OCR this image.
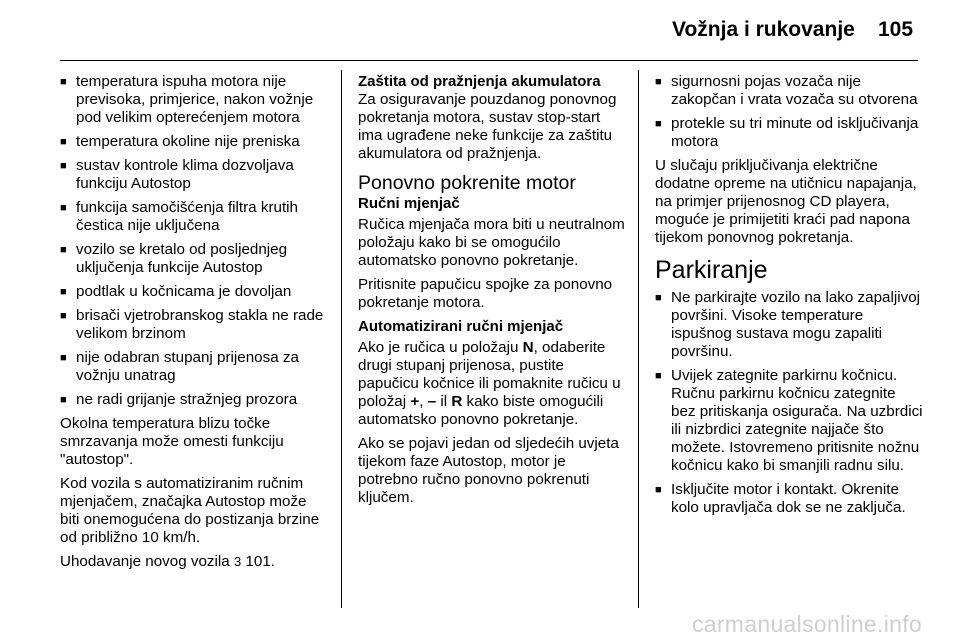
Vožnja i rukovanje 105
■ temperatura ispuha motora nije previsoka, primjerice, nakon vožnje pod velikim opterećenjem motora
■ temperatura okoline nije preniska
■ sustav kontrole klima dozvoljava funkciju Autostop
■ funkcija samočišćenja filtra krutih čestica nije uključena
■ vozilo se kretalo od posljednjeg uključenja funkcije Autostop
■ podtlak u kočnicama je dovoljan
■ brisači vjetrobranskog stakla ne rade velikom brzinom
■ nije odabran stupanj prijenosa za vožnju unatrag
■ ne radi grijanje stražnjeg prozora

Okolna temperatura blizu točke smrzavanja može omesti funkciju "autostop".

Kod vozila s automatiziranim ručnim mjenjačem, značajka Autostop može biti onemogućena do postizanja brzine od približno 10 km/h.

Uhodavanje novog vozila 3 101.

Zaštita od pražnjenja akumulatora

Za osiguravanje pouzdanog ponovnog pokretanja motora, sustav stop-start ima ugrađene neke funkcije za zaštitu akumulatora od pražnjenja.

Ponovno pokrenite motor
Ručni mjenjač

Ručica mjenjača mora biti u neutralnom položaju kako bi se omogućilo automatsko ponovno pokretanje.

Pritisnite papučicu spojke za ponovno pokretanje motora.

Automatizirani ručni mjenjač

Ako je ručica u položaju N, odaberite drugi stupanj prijenosa, pustite papučicu kočnice ili pomaknite ručicu u položaj +, – il R kako biste omogućili automatsko ponovno pokretanje.

Ako se pojavi jedan od sljedećih uvjeta tijekom faze Autostop, motor je potrebno ručno ponovno pokrenuti ključem.

■ sigurnosni pojas vozača nije zakopčan i vrata vozača su otvorena
■ protekle su tri minute od isključivanja motora

U slučaju priključivanja električne dodatne opreme na utičnicu napajanja, na primjer prijenosnog CD playera, moguće je primijetiti kraći pad napona tijekom ponovnog pokretanja.

Parkiranje
■ Ne parkirajte vozilo na lako zapaljivoj površini. Visoke temperature ispušnog sustava mogu zapaliti površinu.
■ Uvijek zategnite parkirnu kočnicu. Ručnu parkirnu kočnicu zategnite bez pritiskanja osigurača. Na uzbrdici ili nizbrdici zategnite najjače što možete. Istovremeno pritisnite nožnu kočnicu kako bi smanjili radnu silu.
■ Isključite motor i kontakt. Okrenite kolo upravljača dok se ne zaključa.
carmanualsonline.info
